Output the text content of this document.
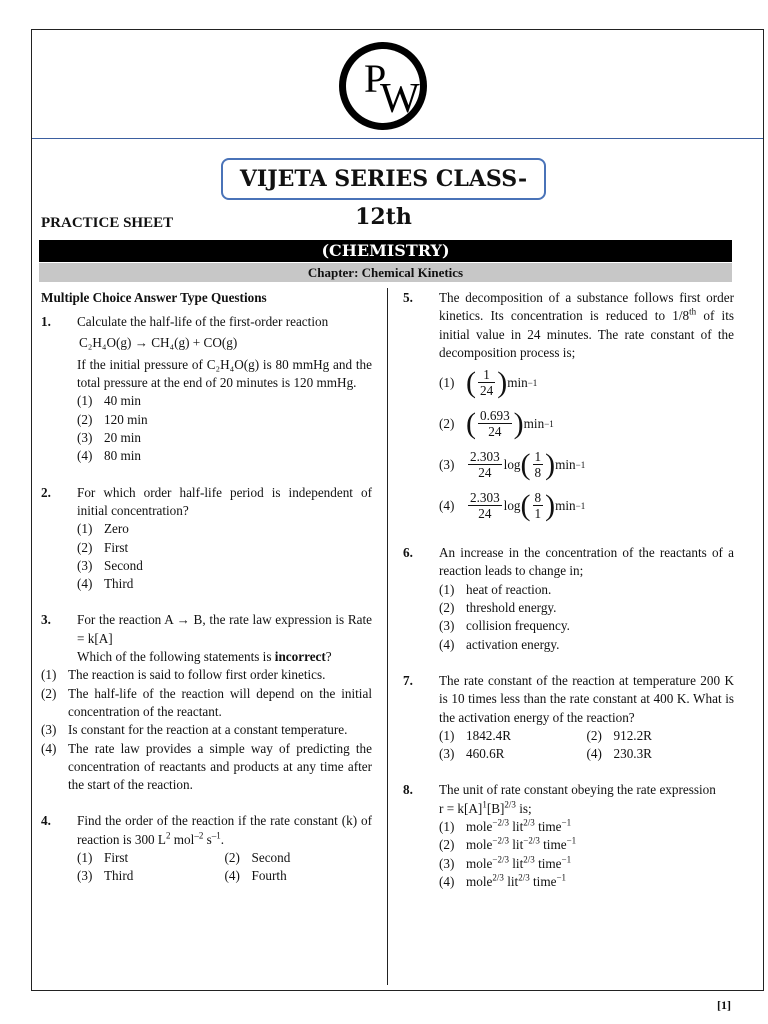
P
W
VIJETA SERIES CLASS-12th
PRACTICE SHEET
(CHEMISTRY)
Chapter: Chemical Kinetics
Multiple Choice Answer Type Questions
1.	Calculate the half-life of the first-order reaction
C₂H₄O(g) → CH₄(g) + CO(g)
If the initial pressure of C₂H₄O(g) is 80 mmHg and the total pressure at the end of 20 minutes is 120 mmHg.
(1) 40 min
(2) 120 min
(3) 20 min
(4) 80 min
2.	For which order half-life period is independent of initial concentration?
(1) Zero
(2) First
(3) Second
(4) Third
3.	For the reaction A → B, the rate law expression is Rate = k[A]
Which of the following statements is incorrect?
(1) The reaction is said to follow first order kinetics.
(2) The half-life of the reaction will depend on the initial concentration of the reactant.
(3) Is constant for the reaction at a constant temperature.
(4) The rate law provides a simple way of predicting the concentration of reactants and products at any time after the start of the reaction.
4.	Find the order of the reaction if the rate constant (k) of reaction is 300 $L^2$ mol$^{-2}$ $s^{-1}$.
(1) First	(2) Second
(3) Third	(4) Fourth
5.	The decomposition of a substance follows first order kinetics. Its concentration is reduced to 1/8th of its initial value in 24 minutes. The rate constant of the decomposition process is;
(1) ( $\frac{1}{24}$ ) min −1
(2) ( $\frac{0.693}{24}$ ) min −1
(3)	$\frac{2.303}{24}$ log ( $\frac{1}{8}$ ) min −1
(4)	$\frac{2.303}{24}$ log ( $\frac{8}{1}$ ) min −1
6.	An increase in the concentration of the reactants of a reaction leads to change in;
(1) heat of reaction.
(2) threshold energy.
(3) collision frequency.
(4) activation energy.
7.	The rate constant of the reaction at temperature 200 K is 10 times less than the rate constant at 400 K. What is the activation energy of the reaction?
(1) 1842.4R	(2) 912.2R
(3) 460.6R	(4) 230.3R
8.	The unit of rate constant obeying the rate expression
$r = k[A]^1[B]^{2/3}$ is;
(1) mole$^{-2/3}$ lit$^{2/3}$ time$^{-1}$
(2) mole$^{-2/3}$ lit$^{-2/3}$ time$^{-1}$
(3) mole$^{-2/3}$ lit$^{2/3}$ time$^{-1}$
(4) mole$^{2/3}$ lit$^{2/3}$ time$^{-1}$
[1]
